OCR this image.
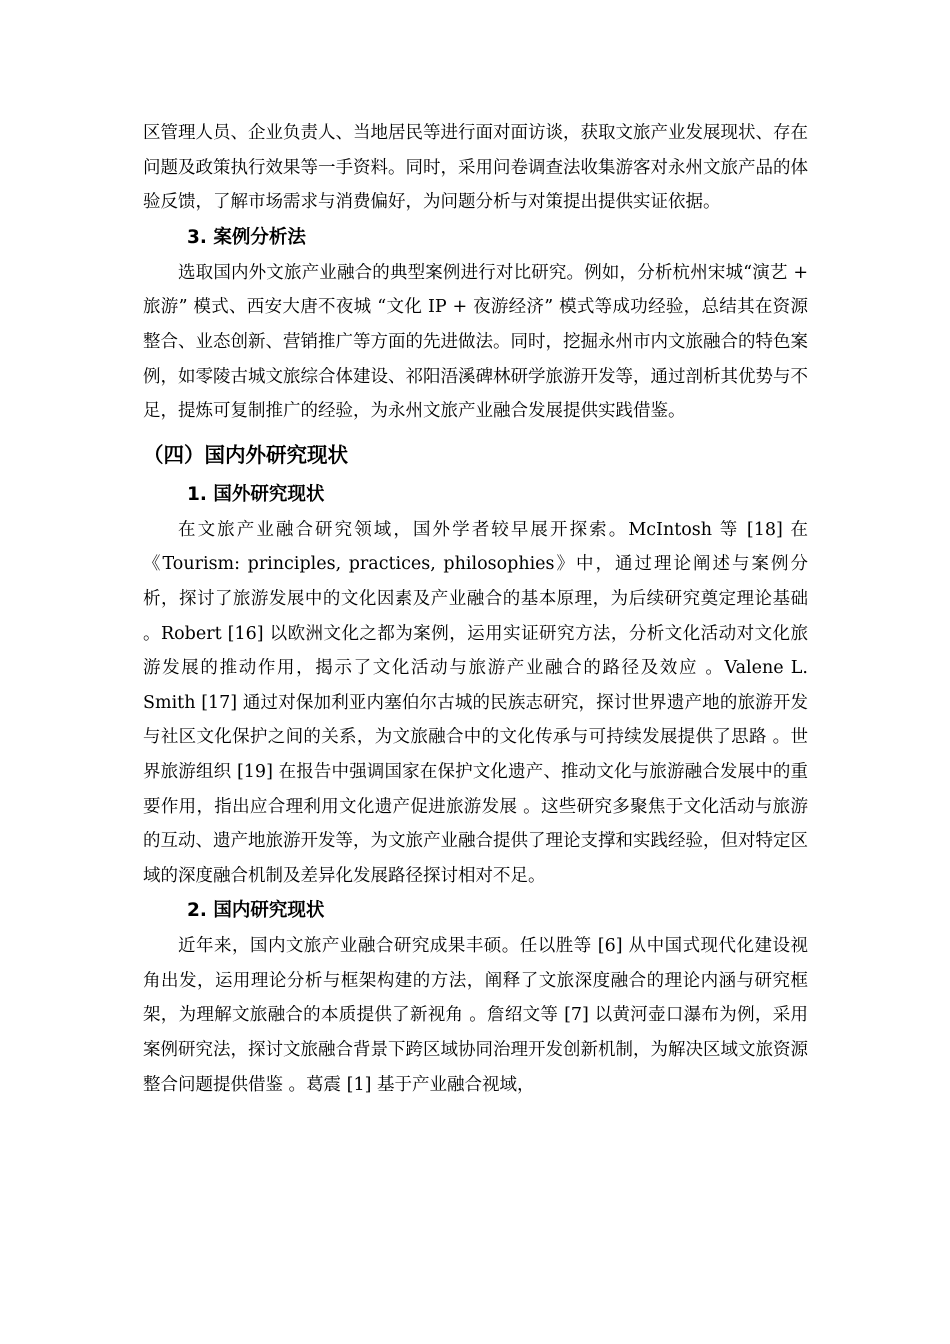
区管理人员、企业负责人、当地居民等进行面对面访谈，获取文旅产业发展现状、存在问题及政策执行效果等一手资料。同时，采用问卷调查法收集游客对永州文旅产品的体验反馈，了解市场需求与消费偏好，为问题分析与对策提出提供实证依据。

3. 案例分析法

选取国内外文旅产业融合的典型案例进行对比研究。例如，分析杭州宋城“演艺 + 旅游” 模式、西安大唐不夜城 “文化 IP + 夜游经济” 模式等成功经验，总结其在资源整合、业态创新、营销推广等方面的先进做法。同时，挖掘永州市内文旅融合的特色案例，如零陵古城文旅综合体建设、祁阳浯溪碑林研学旅游开发等，通过剖析其优势与不足，提炼可复制推广的经验，为永州文旅产业融合发展提供实践借鉴。

（四）国内外研究现状

1. 国外研究现状

在文旅产业融合研究领域，国外学者较早展开探索。McIntosh 等 [18] 在《Tourism: principles, practices, philosophies》中，通过理论阐述与案例分析，探讨了旅游发展中的文化因素及产业融合的基本原理，为后续研究奠定理论基础 。Robert [16] 以欧洲文化之都为案例，运用实证研究方法，分析文化活动对文化旅游发展的推动作用，揭示了文化活动与旅游产业融合的路径及效应 。Valene L. Smith [17] 通过对保加利亚内塞伯尔古城的民族志研究，探讨世界遗产地的旅游开发与社区文化保护之间的关系，为文旅融合中的文化传承与可持续发展提供了思路 。世界旅游组织 [19] 在报告中强调国家在保护文化遗产、推动文化与旅游融合发展中的重要作用，指出应合理利用文化遗产促进旅游发展 。这些研究多聚焦于文化活动与旅游的互动、遗产地旅游开发等，为文旅产业融合提供了理论支撑和实践经验，但对特定区域的深度融合机制及差异化发展路径探讨相对不足。

2. 国内研究现状

近年来，国内文旅产业融合研究成果丰硕。任以胜等 [6] 从中国式现代化建设视角出发，运用理论分析与框架构建的方法，阐释了文旅深度融合的理论内涵与研究框架，为理解文旅融合的本质提供了新视角 。詹绍文等 [7] 以黄河壶口瀑布为例，采用案例研究法，探讨文旅融合背景下跨区域协同治理开发创新机制，为解决区域文旅资源整合问题提供借鉴 。葛震 [1] 基于产业融合视域，
